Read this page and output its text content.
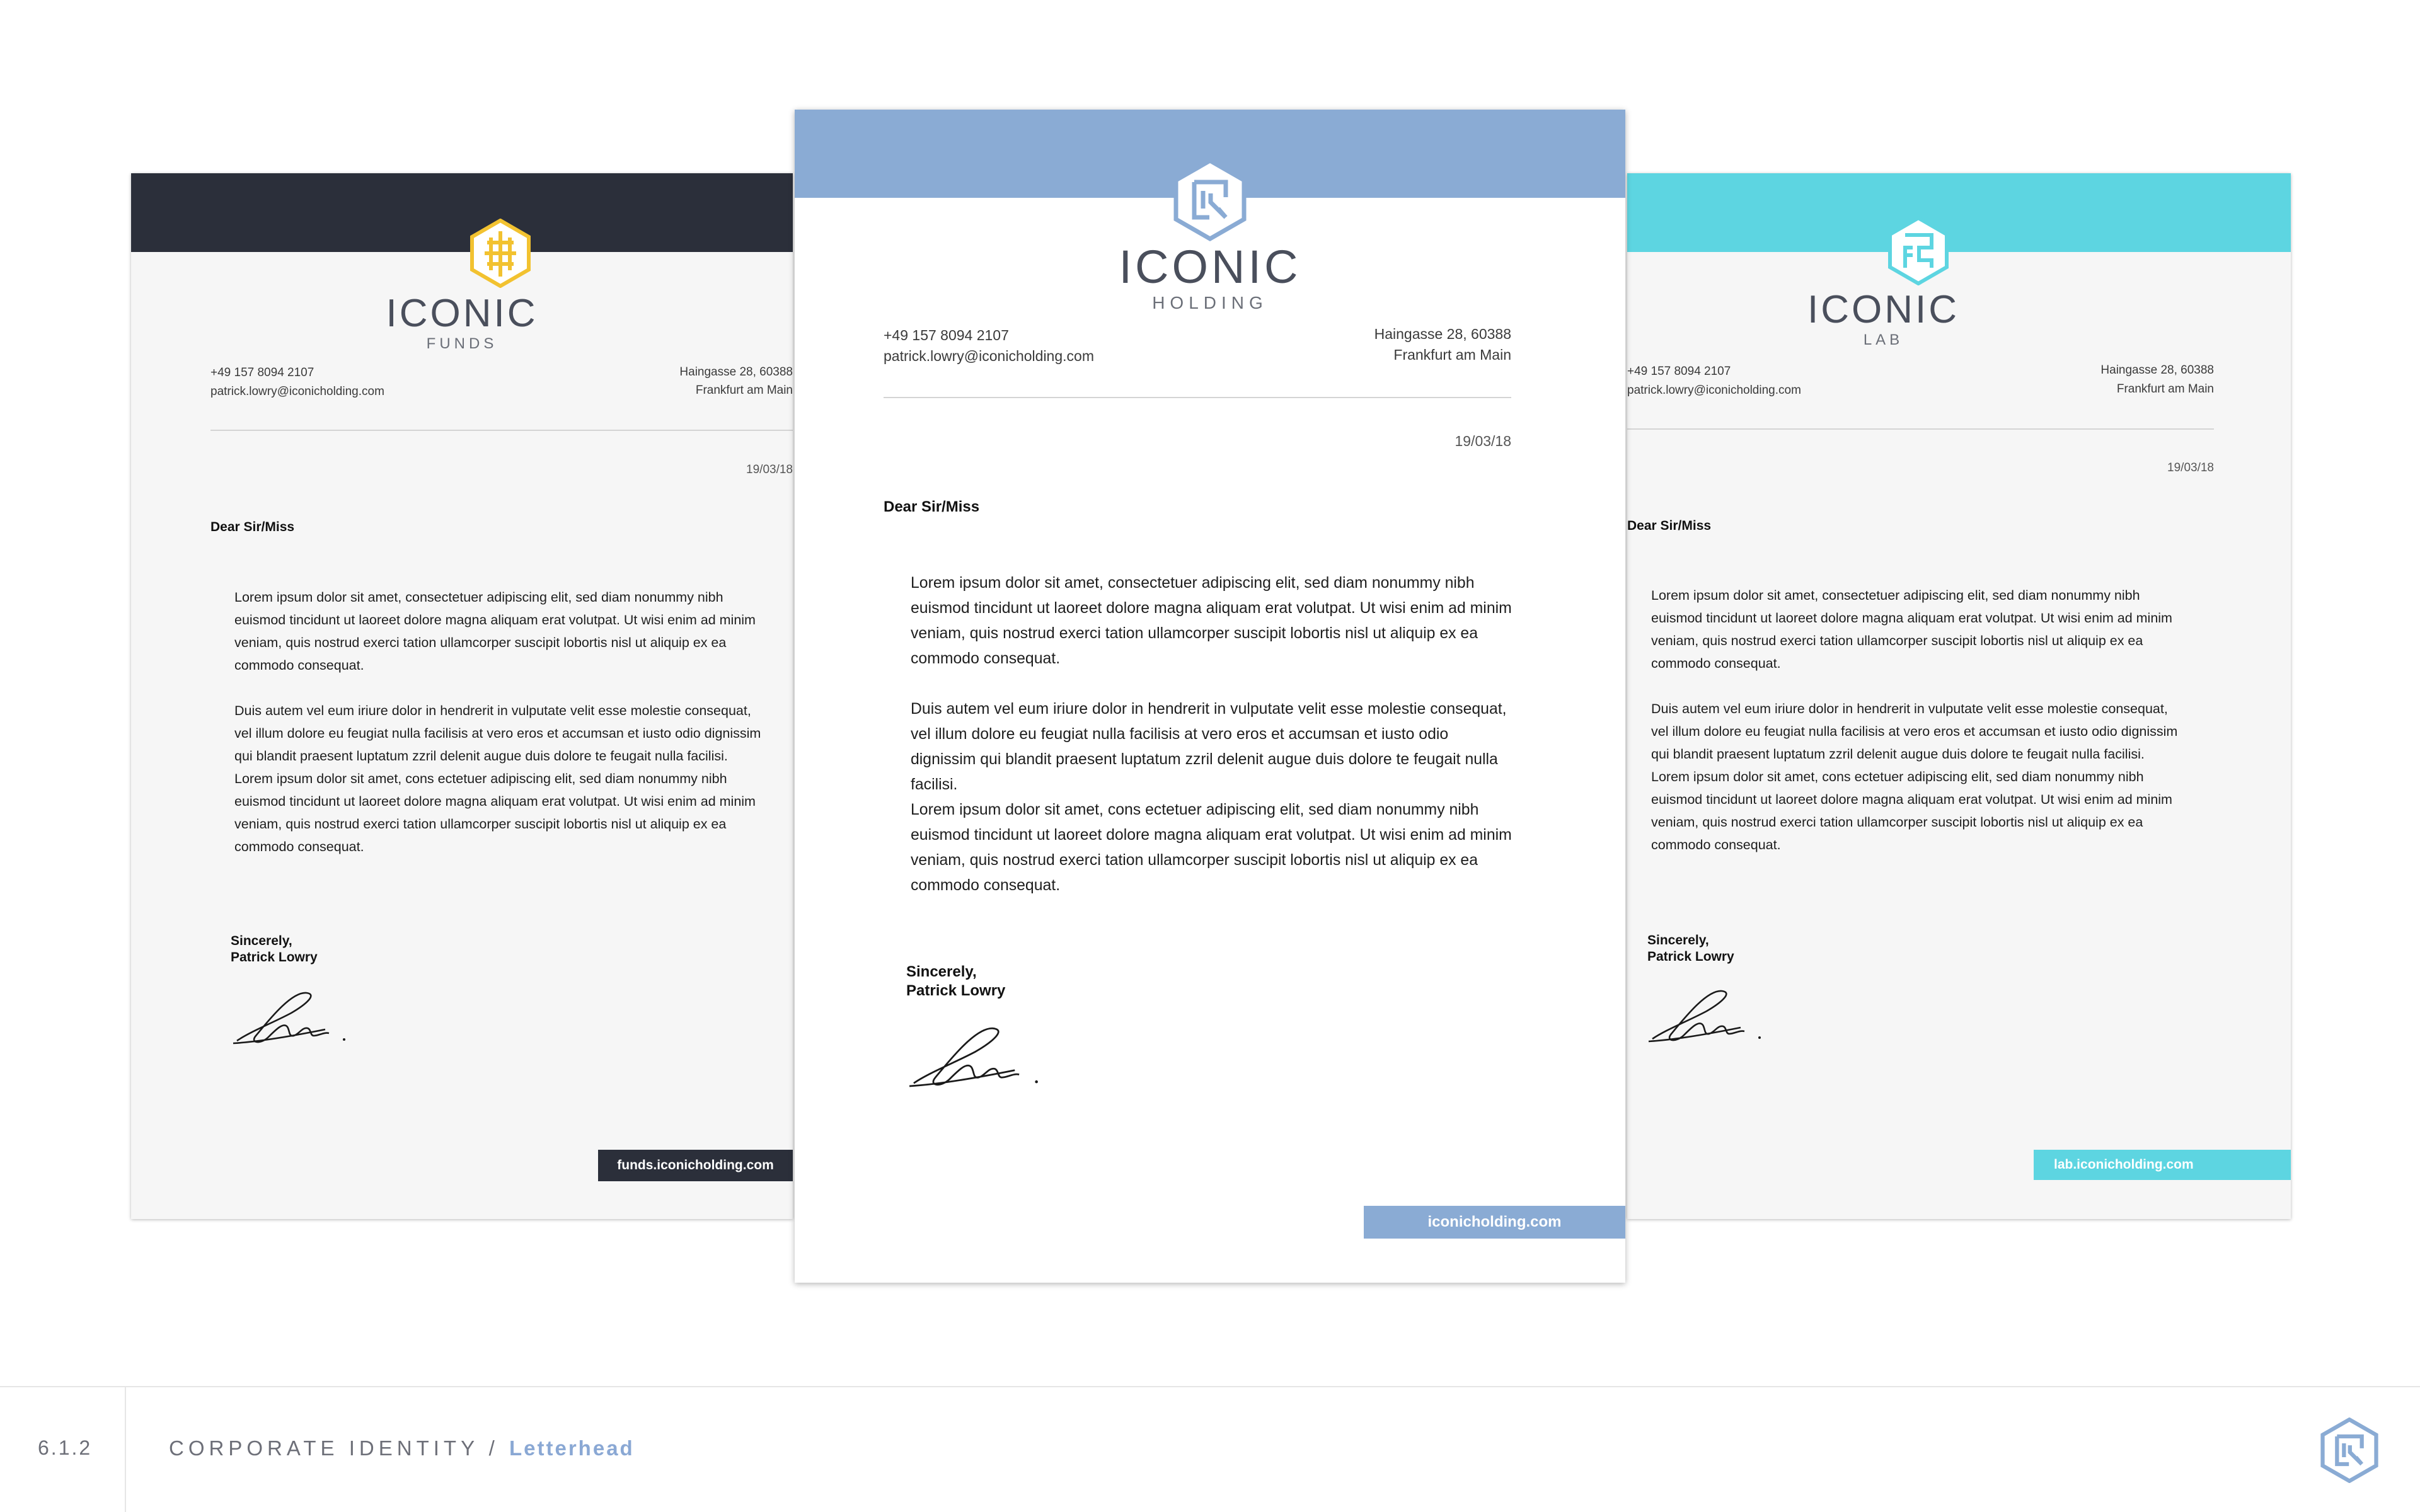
ICONIC
FUNDS
+49 157 8094 2107
patrick.lowry@iconicholding.com
Haingasse 28, 60388
Frankfurt am Main
19/03/18
Dear Sir/Miss

Lorem ipsum dolor sit amet, consectetuer adipiscing elit, sed diam nonummy nibh euismod tincidunt ut laoreet dolore magna aliquam erat volutpat. Ut wisi enim ad minim veniam, quis nostrud exerci tation ullamcorper suscipit lobortis nisl ut aliquip ex ea commodo consequat.

Duis autem vel eum iriure dolor in hendrerit in vulputate velit esse molestie consequat, vel illum dolore eu feugiat nulla facilisis at vero eros et accumsan et iusto odio dignissim qui blandit praesent luptatum zzril delenit augue duis dolore te feugait nulla facilisi.

Lorem ipsum dolor sit amet, cons ectetuer adipiscing elit, sed diam nonummy nibh euismod tincidunt ut laoreet dolore magna aliquam erat volutpat. Ut wisi enim ad minim veniam, quis nostrud exerci tation ullamcorper suscipit lobortis nisl ut aliquip ex ea commodo consequat.

Sincerely,
Patrick Lowry
funds.iconicholding.com
ICONIC
LAB
+49 157 8094 2107
patrick.lowry@iconicholding.com
Haingasse 28, 60388
Frankfurt am Main
19/03/18
Dear Sir/Miss

Lorem ipsum dolor sit amet, consectetuer adipiscing elit, sed diam nonummy nibh euismod tincidunt ut laoreet dolore magna aliquam erat volutpat. Ut wisi enim ad minim veniam, quis nostrud exerci tation ullamcorper suscipit lobortis nisl ut aliquip ex ea commodo consequat.

Duis autem vel eum iriure dolor in hendrerit in vulputate velit esse molestie consequat, vel illum dolore eu feugiat nulla facilisis at vero eros et accumsan et iusto odio dignissim qui blandit praesent luptatum zzril delenit augue duis dolore te feugait nulla facilisi.

Lorem ipsum dolor sit amet, cons ectetuer adipiscing elit, sed diam nonummy nibh euismod tincidunt ut laoreet dolore magna aliquam erat volutpat. Ut wisi enim ad minim veniam, quis nostrud exerci tation ullamcorper suscipit lobortis nisl ut aliquip ex ea commodo consequat.

Sincerely,
Patrick Lowry
lab.iconicholding.com
ICONIC
HOLDING
+49 157 8094 2107
patrick.lowry@iconicholding.com
Haingasse 28, 60388
Frankfurt am Main
19/03/18
Dear Sir/Miss

Lorem ipsum dolor sit amet, consectetuer adipiscing elit, sed diam nonummy nibh euismod tincidunt ut laoreet dolore magna aliquam erat volutpat. Ut wisi enim ad minim veniam, quis nostrud exerci tation ullamcorper suscipit lobortis nisl ut aliquip ex ea commodo consequat.

Duis autem vel eum iriure dolor in hendrerit in vulputate velit esse molestie consequat, vel illum dolore eu feugiat nulla facilisis at vero eros et accumsan et iusto odio dignissim qui blandit praesent luptatum zzril delenit augue duis dolore te feugait nulla facilisi.

Lorem ipsum dolor sit amet, cons ectetuer adipiscing elit, sed diam nonummy nibh euismod tincidunt ut laoreet dolore magna aliquam erat volutpat. Ut wisi enim ad minim veniam, quis nostrud exerci tation ullamcorper suscipit lobortis nisl ut aliquip ex ea commodo consequat.

Sincerely,
Patrick Lowry
iconicholding.com
6.1.2	CORPORATE IDENTITY / Letterhead
